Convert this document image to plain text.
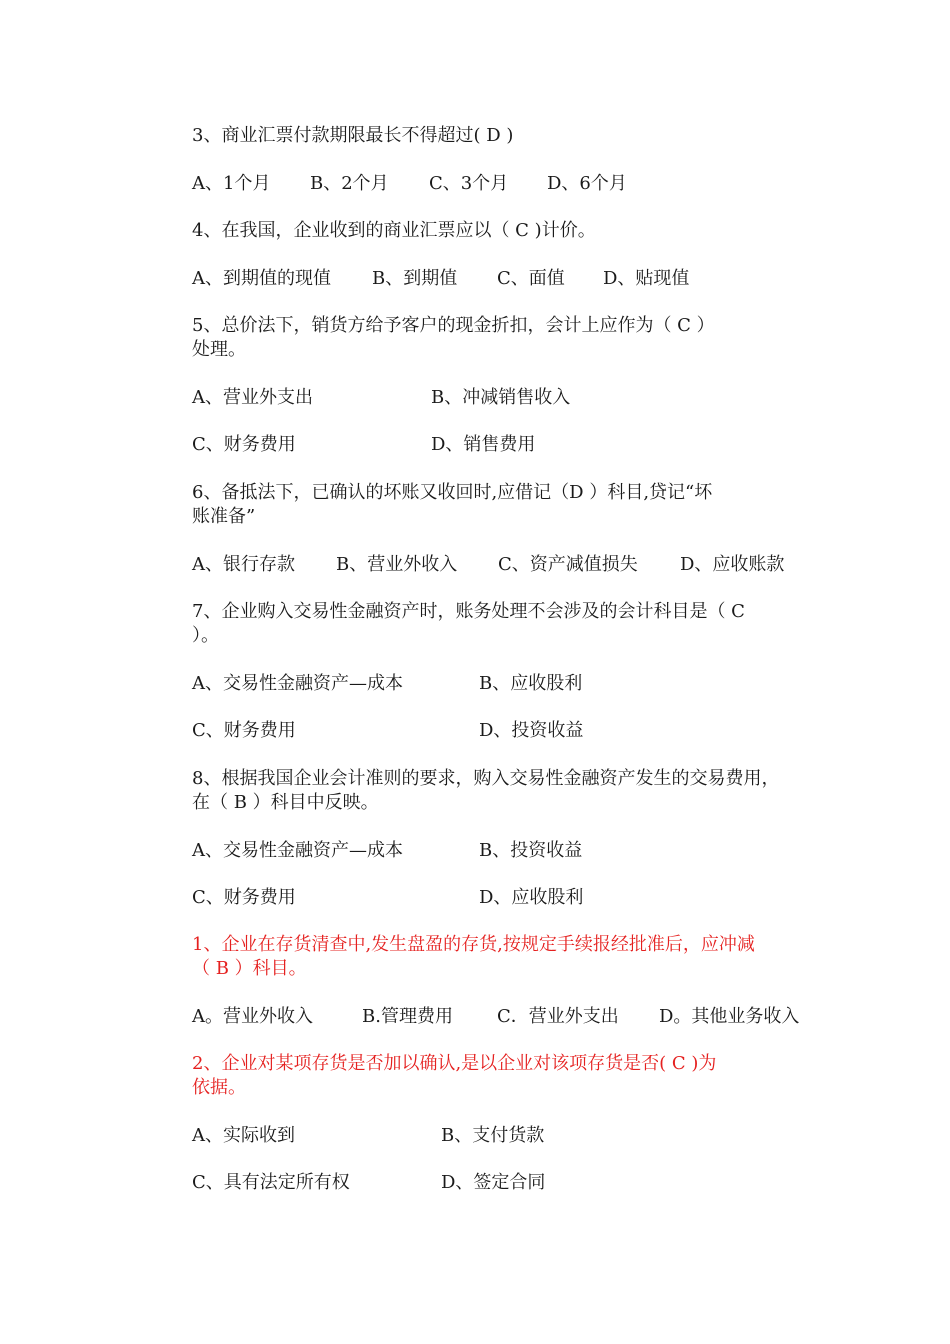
3、商业汇票付款期限最长不得超过( D )
A、1个月 B、2个月 C、3个月 D、6个月
4、在我国，企业收到的商业汇票应以（ C )计价。
A、到期值的现值 B、到期值 C、面值 D、贴现值
5、总价法下，销货方给予客户的现金折扣，会计上应作为（ C ）
处理。
A、营业外支出	B、冲减销售收入
C、财务费用	D、销售费用
6、备抵法下，已确认的坏账又收回时,应借记（D ）科目,贷记“坏
账准备”
A、银行存款 B、营业外收入 C、资产减值损失 D、应收账款
7、企业购入交易性金融资产时，账务处理不会涉及的会计科目是（ C
）。
A、交易性金融资产—成本	B、应收股利
C、财务费用	D、投资收益
8、根据我国企业会计准则的要求，购入交易性金融资产发生的交易费用，
在（ B ）科目中反映。
A、交易性金融资产—成本	B、投资收益
C、财务费用	D、应收股利
1、企业在存货清查中,发生盘盈的存货,按规定手续报经批准后，应冲减
（ B ）科目。
A。营业外收入	B.管理费用 C．营业外支出 D。其他业务收入
2、企业对某项存货是否加以确认,是以企业对该项存货是否( C )为
依据。
A、实际收到	B、支付货款
C、具有法定所有权	D、签定合同
